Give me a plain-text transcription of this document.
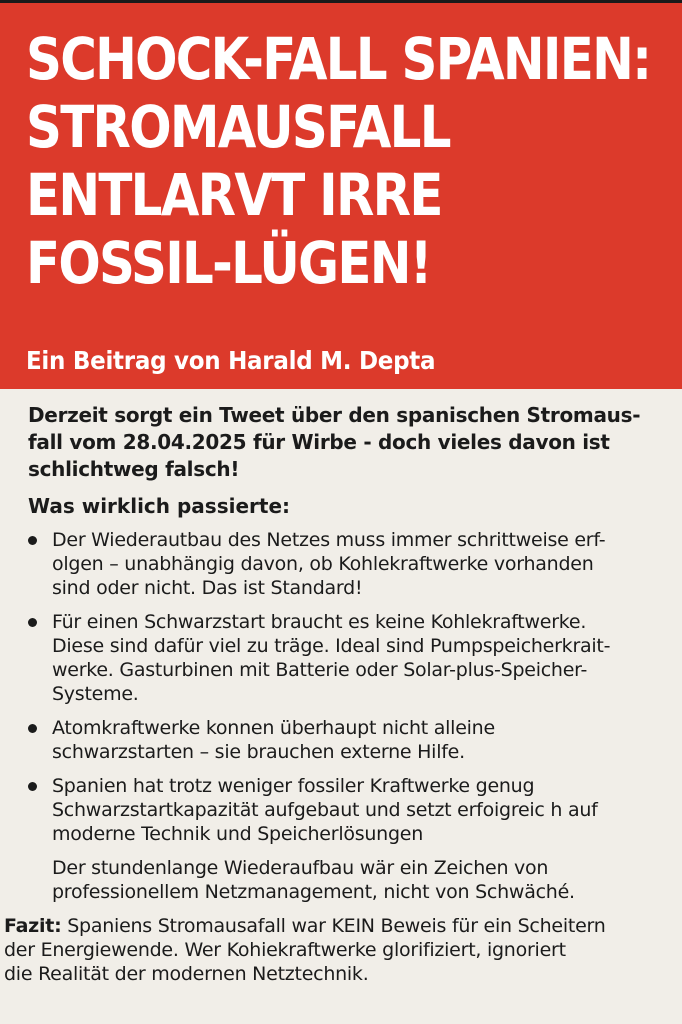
SCHOCK-FALL SPANIEN:
STROMAUSFALL
ENTLARVT IRRE
FOSSIL-LÜGEN!
Ein Beitrag von Harald M. Depta

Derzeit sorgt ein Tweet über den spanischen Stromaus-
fall vom 28.04.2025 für Wirbe - doch vieles davon ist
schlichtweg falsch!

Was wirklich passierte:
Der Wiederautbau des Netzes muss immer schrittweise erf-
olgen – unabhängig davon, ob Kohlekraftwerke vorhanden
sind oder nicht. Das ist Standard!
Für einen Schwarzstart braucht es keine Kohlekraftwerke.
Diese sind dafür viel zu träge. Ideal sind Pumpspeicherkrait-
werke. Gasturbinen mit Batterie oder Solar-plus-Speicher-
Systeme.
Atomkraftwerke konnen überhaupt nicht alleine
schwarzstarten – sie brauchen externe Hilfe.
Spanien hat trotz weniger fossiler Kraftwerke genug
Schwarzstartkapazität aufgebaut und setzt erfoigreic h auf
moderne Technik und Speicherlösungen
Der stundenlange Wiederaufbau wär ein Zeichen von
professionellem Netzmanagement, nicht von Schwäché.
Fazit: Spaniens Stromausafall war KEIN Beweis für ein Scheitern
der Energiewende. Wer Kohiekraftwerke glorifiziert, ignoriert
die Realität der modernen Netztechnik.
